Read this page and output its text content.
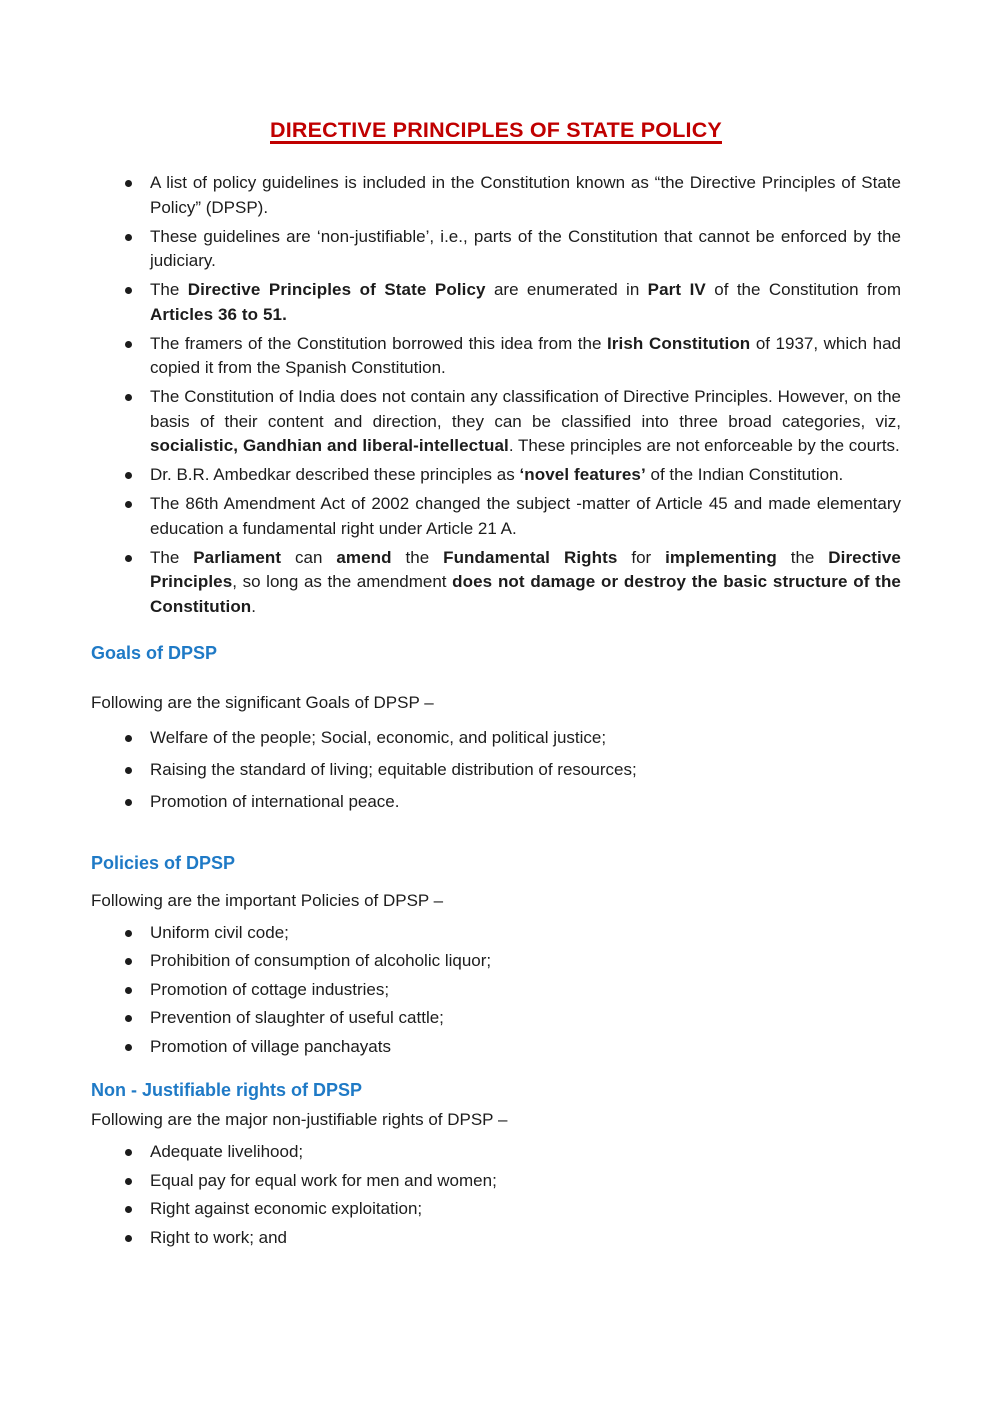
DIRECTIVE PRINCIPLES OF STATE POLICY
A list of policy guidelines is included in the Constitution known as “the Directive Principles of State Policy” (DPSP).
These guidelines are ‘non-justifiable’, i.e., parts of the Constitution that cannot be enforced by the judiciary.
The Directive Principles of State Policy are enumerated in Part IV of the Constitution from Articles 36 to 51.
The framers of the Constitution borrowed this idea from the Irish Constitution of 1937, which had copied it from the Spanish Constitution.
The Constitution of India does not contain any classification of Directive Principles. However, on the basis of their content and direction, they can be classified into three broad categories, viz, socialistic, Gandhian and liberal-intellectual. These principles are not enforceable by the courts.
Dr. B.R. Ambedkar described these principles as ‘novel features’ of the Indian Constitution.
The 86th Amendment Act of 2002 changed the subject -matter of Article 45 and made elementary education a fundamental right under Article 21 A.
The Parliament can amend the Fundamental Rights for implementing the Directive Principles, so long as the amendment does not damage or destroy the basic structure of the Constitution.
Goals of DPSP

Following are the significant Goals of DPSP –

Welfare of the people; Social, economic, and political justice;
Raising the standard of living; equitable distribution of resources;
Promotion of international peace.
Policies of DPSP

Following are the important Policies of DPSP –

Uniform civil code;
Prohibition of consumption of alcoholic liquor;
Promotion of cottage industries;
Prevention of slaughter of useful cattle;
Promotion of village panchayats
Non - Justifiable rights of DPSP

Following are the major non-justifiable rights of DPSP –

Adequate livelihood;
Equal pay for equal work for men and women;
Right against economic exploitation;
Right to work; and
